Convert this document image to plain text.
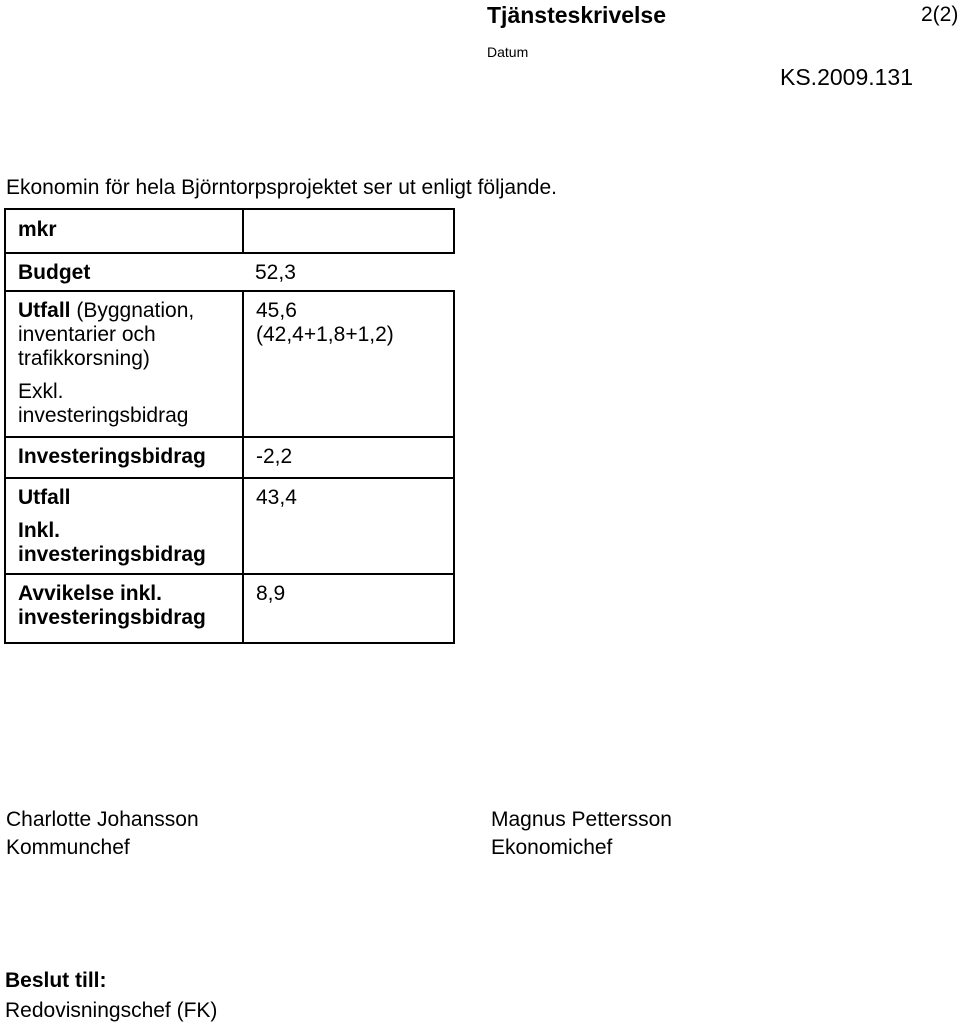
Tjänsteskrivelse	2(2)
Datum
KS.2009.131
Ekonomin för hela Björntorpsprojektet ser ut enligt följande.
mkr	
Budget	52,3

Utfall (Byggnation,
inventarier och
trafikkorsning)
Exkl.
investeringsbidrag	45,6
(42,4+1,8+1,2)

Investeringsbidrag	-2,2

Utfall
Inkl.
investeringsbidrag	43,4

Avvikelse inkl.
investeringsbidrag	8,9
Charlotte Johansson
Kommunchef
Magnus Pettersson
Ekonomichef
Beslut till:
Redovisningschef (FK)
